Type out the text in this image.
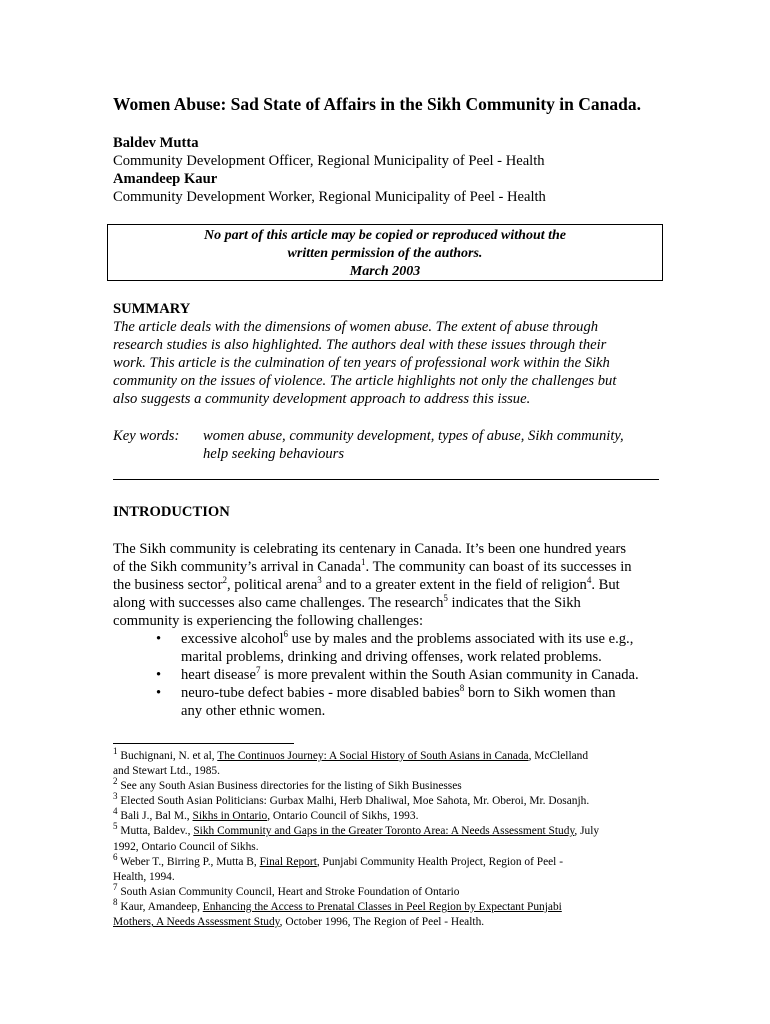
Women Abuse: Sad State of Affairs in the Sikh Community in Canada.
Baldev Mutta
Community Development Officer, Regional Municipality of Peel - Health
Amandeep Kaur
Community Development Worker, Regional Municipality of Peel - Health
No part of this article may be copied or reproduced without the
written permission of the authors.
March 2003
SUMMARY
The article deals with the dimensions of women abuse. The extent of abuse through
research studies is also highlighted. The authors deal with these issues through their
work. This article is the culmination of ten years of professional work within the Sikh
community on the issues of violence. The article highlights not only the challenges but
also suggests a community development approach to address this issue.
Key words: women abuse, community development, types of abuse, Sikh community,
help seeking behaviours
INTRODUCTION
The Sikh community is celebrating its centenary in Canada. It’s been one hundred years
of the Sikh community’s arrival in Canada$^1$. The community can boast of its successes in
the business sector$^2$, political arena$^3$ and to a greater extent in the field of religion$^4$. But
along with successes also came challenges. The research$^5$ indicates that the Sikh
community is experiencing the following challenges:
• excessive alcohol$^6$ use by males and the problems associated with its use e.g.,
marital problems, drinking and driving offenses, work related problems.
• heart disease$^7$ is more prevalent within the South Asian community in Canada.
• neuro-tube defect babies - more disabled babies$^8$ born to Sikh women than
any other ethnic women.
$^1$ Buchignani, N. et al, The Continuos Journey: A Social History of South Asians in Canada, McClelland
and Stewart Ltd., 1985.
$^2$ See any South Asian Business directories for the listing of Sikh Businesses
$^3$ Elected South Asian Politicians: Gurbax Malhi, Herb Dhaliwal, Moe Sahota, Mr. Oberoi, Mr. Dosanjh.
$^4$ Bali J., Bal M., Sikhs in Ontario, Ontario Council of Sikhs, 1993.
$^5$ Mutta, Baldev., Sikh Community and Gaps in the Greater Toronto Area: A Needs Assessment Study, July
1992, Ontario Council of Sikhs.
$^6$ Weber T., Birring P., Mutta B, Final Report, Punjabi Community Health Project, Region of Peel -
Health, 1994.
$^7$ South Asian Community Council, Heart and Stroke Foundation of Ontario
$^8$ Kaur, Amandeep, Enhancing the Access to Prenatal Classes in Peel Region by Expectant Punjabi
Mothers, A Needs Assessment Study, October 1996, The Region of Peel - Health.
